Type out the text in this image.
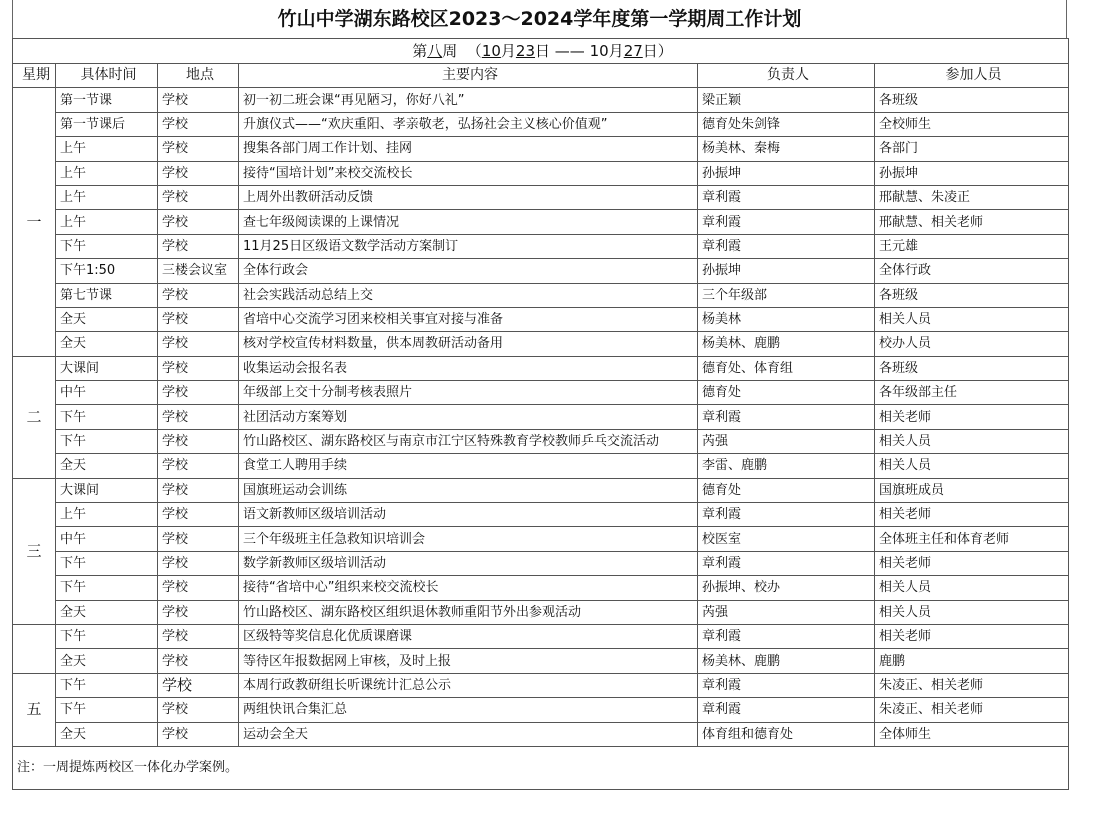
竹山中学湖东路校区2023～2024学年度第一学期周工作计划
第八周 （10月23日 —— 10月27日）					
星期	具体时间	地点	主要内容	负责人	参加人员
一	第一节课	学校	初一初二班会课“再见陋习，你好八礼”	梁正颖	各班级
	第一节课后	学校	升旗仪式——“欢庆重阳、孝亲敬老，弘扬社会主义核心价值观”	德育处朱剑锋	全校师生
	上午	学校	搜集各部门周工作计划、挂网	杨美林、秦梅	各部门
	上午	学校	接待“国培计划”来校交流校长	孙振坤	孙振坤
	上午	学校	上周外出教研活动反馈	章利霞	邢献慧、朱凌正
	上午	学校	查七年级阅读课的上课情况	章利霞	邢献慧、相关老师
	下午	学校	11月25日区级语文数学活动方案制订	章利霞	王元雄
	下午1:50	三楼会议室	全体行政会	孙振坤	全体行政
	第七节课	学校	社会实践活动总结上交	三个年级部	各班级
	全天	学校	省培中心交流学习团来校相关事宜对接与准备	杨美林	相关人员
	全天	学校	核对学校宣传材料数量，供本周教研活动备用	杨美林、鹿鹏	校办人员
二	大课间	学校	收集运动会报名表	德育处、体育组	各班级
	中午	学校	年级部上交十分制考核表照片	德育处	各年级部主任
	下午	学校	社团活动方案筹划	章利霞	相关老师
	下午	学校	竹山路校区、湖东路校区与南京市江宁区特殊教育学校教师乒乓交流活动	芮强	相关人员
	全天	学校	食堂工人聘用手续	李雷、鹿鹏	相关人员
三	大课间	学校	国旗班运动会训练	德育处	国旗班成员
	上午	学校	语文新教师区级培训活动	章利霞	相关老师
	中午	学校	三个年级班主任急救知识培训会	校医室	全体班主任和体育老师
	下午	学校	数学新教师区级培训活动	章利霞	相关老师
	下午	学校	接待“省培中心”组织来校交流校长	孙振坤、校办	相关人员
	全天	学校	竹山路校区、湖东路校区组织退休教师重阳节外出参观活动	芮强	相关人员
	下午	学校	区级特等奖信息化优质课磨课	章利霞	相关老师
	全天	学校	等待区年报数据网上审核，及时上报	杨美林、鹿鹏	鹿鹏
五	下午	学校	本周行政教研组长听课统计汇总公示	章利霞	朱凌正、相关老师
	下午	学校	两组快讯合集汇总	章利霞	朱凌正、相关老师
	全天	学校	运动会全天	体育组和德育处	全体师生
注：一周提炼两校区一体化办学案例。					
